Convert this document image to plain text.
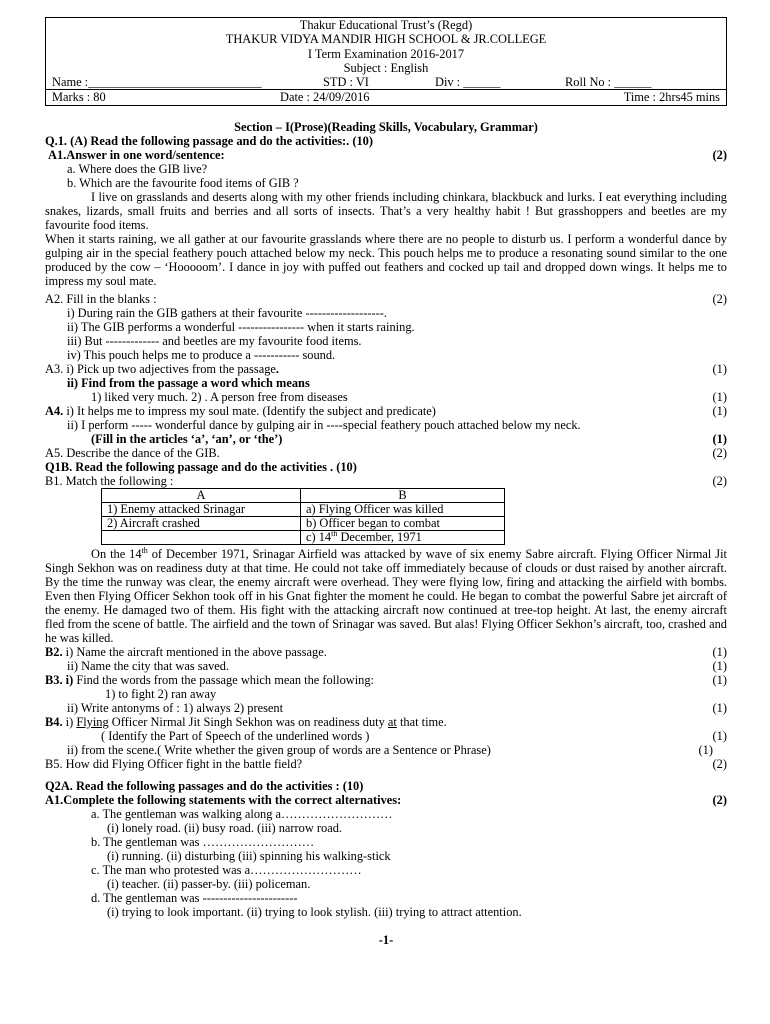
Thakur Educational Trust’s (Regd)
THAKUR VIDYA MANDIR HIGH SCHOOL & JR.COLLEGE
I Term Examination 2016-2017
Subject : English
Name :____________________________	STD : VI	Div : ______	Roll No : ______
Marks : 80	Date : 24/09/2016	Time : 2hrs45 mins
Section – I(Prose)(Reading Skills, Vocabulary, Grammar)
Q.1. (A) Read the following passage and do the activities:. (10)
A1.Answer in one word/sentence:	(2)
a. Where does the GIB live?
b. Which are the favourite food items of GIB ?
I live on grasslands and deserts along with my other friends including chinkara, blackbuck and lurks. I eat everything including snakes, lizards, small fruits and berries and all sorts of insects. That’s a very healthy habit ! But grasshoppers and beetles are my favourite food items.
When it starts raining, we all gather at our favourite grasslands where there are no people to disturb us. I perform a wonderful dance by gulping air in the special feathery pouch attached below my neck. This pouch helps me to produce a resonating sound similar to the one produced by the cow – ‘Hooooom’. I dance in joy with puffed out feathers and cocked up tail and dropped down wings. It helps me to impress my soul mate.
A2. Fill in the blanks :	(2)
i) During rain the GIB gathers at their favourite -------------------.
ii) The GIB performs a wonderful ---------------- when it starts raining.
iii) But ------------- and beetles are my favourite food items.
iv) This pouch helps me to produce a ----------- sound.
A3. i) Pick up two adjectives from the passage.	(1)
ii) Find from the passage a word which means
1) liked very much. 2) . A person free from diseases	(1)
A4. i) It helps me to impress my soul mate. (Identify the subject and predicate)	(1)
ii) I perform ----- wonderful dance by gulping air in ----special feathery pouch attached below my neck.
(Fill in the articles ‘a’, ‘an’, or ‘the’)	(1)
A5. Describe the dance of the GIB.	(2)
Q1B. Read the following passage and do the activities . (10)
B1. Match the following :	(2)
A	B
1) Enemy attacked Srinagar	a) Flying Officer was killed
2) Aircraft crashed	b) Officer began to combat
	c) 14th December, 1971
On the 14th of December 1971, Srinagar Airfield was attacked by wave of six enemy Sabre aircraft. Flying Officer Nirmal Jit Singh Sekhon was on readiness duty at that time. He could not take off immediately because of clouds or dust raised by another aircraft. By the time the runway was clear, the enemy aircraft were overhead. They were flying low, firing and attacking the airfield with bombs. Even then Flying Officer Sekhon took off in his Gnat fighter the moment he could. He began to combat the powerful Sabre jet aircraft of the enemy. He damaged two of them. His fight with the attacking aircraft now continued at tree-top height. At last, the enemy aircraft fled from the scene of battle. The airfield and the town of Srinagar was saved. But alas! Flying Officer Sekhon’s aircraft, too, crashed and he was killed.
B2. i) Name the aircraft mentioned in the above passage.	(1)
ii) Name the city that was saved.	(1)
B3. i) Find the words from the passage which mean the following:	(1)
1) to fight 2) ran away
ii) Write antonyms of : 1) always 2) present	(1)
B4. i) Flying Officer Nirmal Jit Singh Sekhon was on readiness duty at that time.
( Identify the Part of Speech of the underlined words )	(1)
ii) from the scene.( Write whether the given group of words are a Sentence or Phrase)	(1)
B5. How did Flying Officer fight in the battle field?	(2)
Q2A. Read the following passages and do the activities : (10)
A1.Complete the following statements with the correct alternatives:	(2)
a. The gentleman was walking along a………………………
(i) lonely road. (ii) busy road. (iii) narrow road.
b. The gentleman was ………………………
(i) running. (ii) disturbing (iii) spinning his walking-stick
c. The man who protested was a………………………
(i) teacher. (ii) passer-by. (iii) policeman.
d. The gentleman was -----------------------
(i) trying to look important. (ii) trying to look stylish. (iii) trying to attract attention.
-1-
